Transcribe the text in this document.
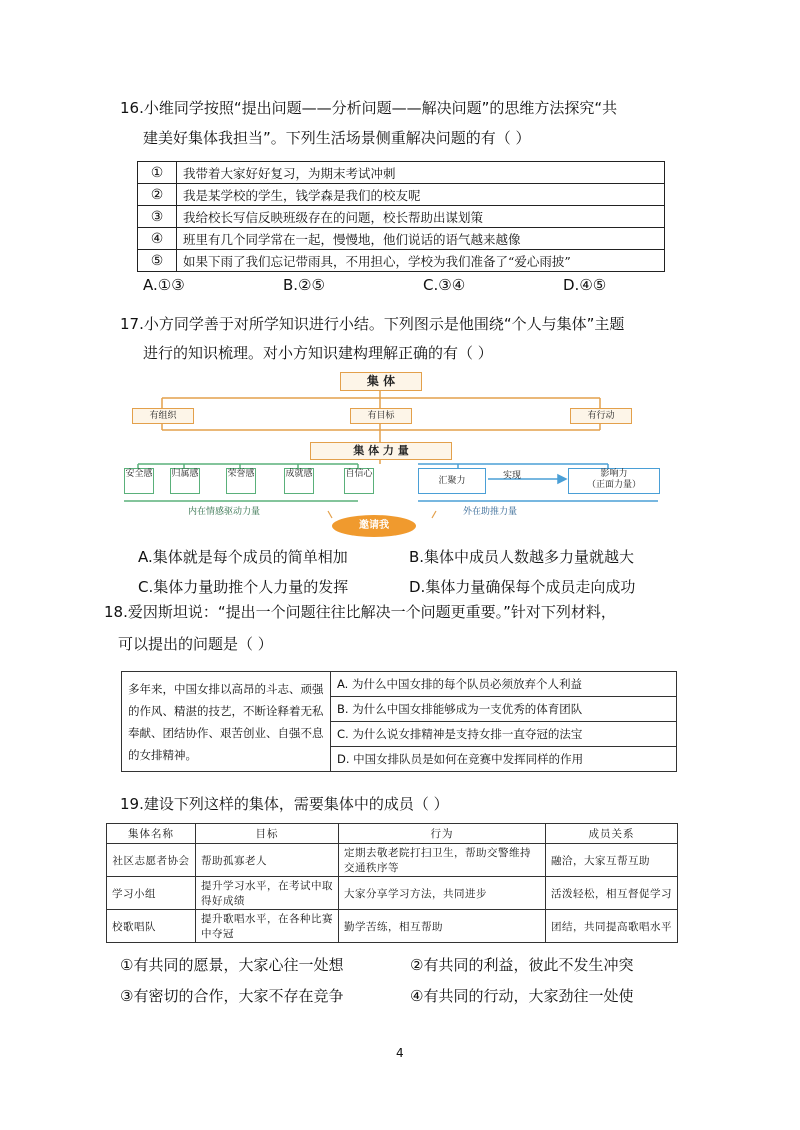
16.小维同学按照“提出问题——分析问题——解决问题”的思维方法探究“共
建美好集体我担当”。下列生活场景侧重解决问题的有（ ）
①	我带着大家好好复习，为期末考试冲刺
②	我是某学校的学生，钱学森是我们的校友呢
③	我给校长写信反映班级存在的问题，校长帮助出谋划策
④	班里有几个同学常在一起，慢慢地，他们说话的语气越来越像
⑤	如果下雨了我们忘记带雨具，不用担心，学校为我们准备了“爱心雨披”
A.①③	B.②⑤	C.③④	D.④⑤
17.小方同学善于对所学知识进行小结。下列图示是他围绕“个人与集体”主题
进行的知识梳理。对小方知识建构理解正确的有（ ）
集 体
有组织	有目标	有行动
集 体 力 量
安全感 归属感	荣誉感	成就感	自信心
汇聚力	实现	影响力
（正面力量）
内在情感驱动力量	外在助推力量
邀请我
A.集体就是每个成员的简单相加	B.集体中成员人数越多力量就越大
C.集体力量助推个人力量的发挥	D.集体力量确保每个成员走向成功
18.爱因斯坦说：“提出一个问题往往比解决一个问题更重要。”针对下列材料，
可以提出的问题是（ ）
多年来，中国女排以高昂的斗志、顽强的作风、精湛的技艺，不断诠释着无私奉献、团结协作、艰苦创业、自强不息的女排精神。	A. 为什么中国女排的每个队员必须放弃个人利益
B. 为什么中国女排能够成为一支优秀的体育团队
C. 为什么说女排精神是支持女排一直夺冠的法宝
D. 中国女排队员是如何在竞赛中发挥同样的作用
19.建设下列这样的集体，需要集体中的成员（ ）
集体名称	目标	行为	成员关系
社区志愿者协会	帮助孤寡老人	定期去敬老院打扫卫生，帮助交警维持交通秩序等	融洽，大家互帮互助
学习小组	提升学习水平，在考试中取得好成绩	大家分享学习方法，共同进步	活泼轻松，相互督促学习
校歌唱队	提升歌唱水平，在各种比赛中夺冠	勤学苦练，相互帮助	团结，共同提高歌唱水平
①有共同的愿景，大家心往一处想	②有共同的利益，彼此不发生冲突
③有密切的合作，大家不存在竞争	④有共同的行动，大家劲往一处使
4
